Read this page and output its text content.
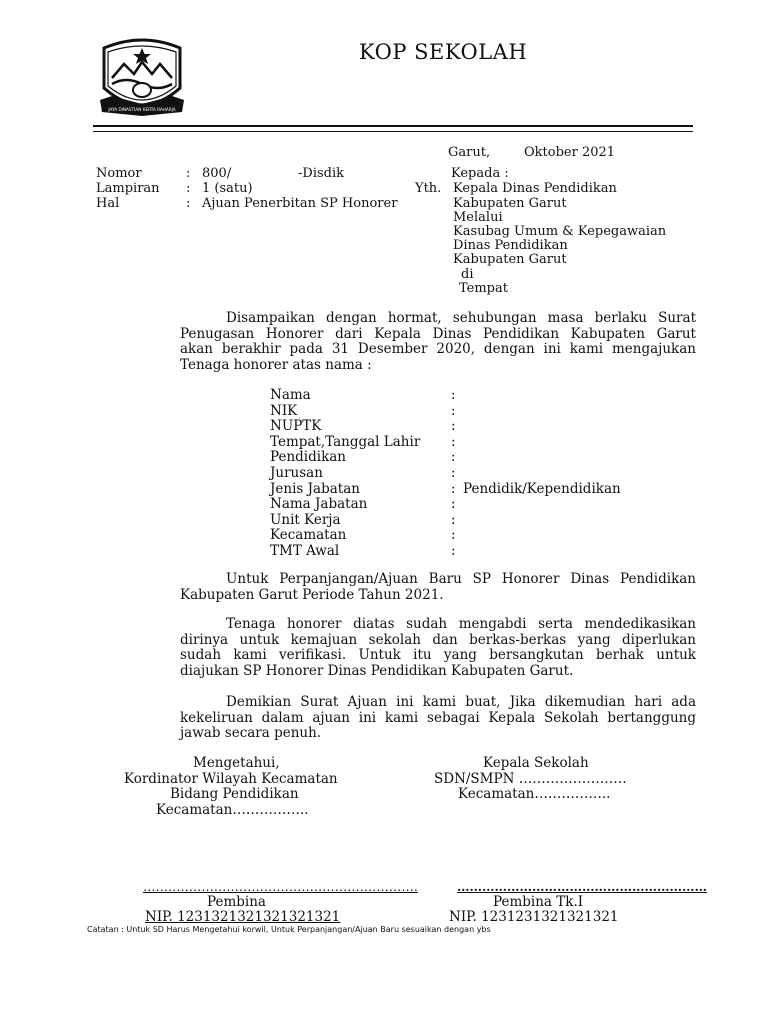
JAYA DINASTIAN KERTA RAHARJA
KOP SEKOLAH
Garut,	Oktober 2021
Nomor	: 800/	-Disdik
Lampiran : 1 (satu)
Hal	: Ajuan Penerbitan SP Honorer
Kepada :
Yth. Kepala Dinas Pendidikan
Kabupaten Garut
Melalui
Kasubag Umum & Kepegawaian
Dinas Pendidikan
Kabupaten Garut
di
Tempat
Disampaikan dengan hormat, sehubungan masa berlaku Surat
Penugasan Honorer dari Kepala Dinas Pendidikan Kabupaten Garut
akan berakhir pada 31 Desember 2020, dengan ini kami mengajukan
Tenaga honorer atas nama :
Nama	:
NIK	:
NUPTK	:
Tempat,Tanggal Lahir :
Pendidikan	:
Jurusan	:
Jenis Jabatan	: Pendidik/Kependidikan
Nama Jabatan	:
Unit Kerja	:
Kecamatan	:
TMT Awal	:
Untuk Perpanjangan/Ajuan Baru SP Honorer Dinas Pendidikan
Kabupaten Garut Periode Tahun 2021.
Tenaga honorer diatas sudah mengabdi serta mendedikasikan
dirinya untuk kemajuan sekolah dan berkas-berkas yang diperlukan
sudah kami verifikasi. Untuk itu yang bersangkutan berhak untuk
diajukan SP Honorer Dinas Pendidikan Kabupaten Garut.
Demikian Surat Ajuan ini kami buat, Jika dikemudian hari ada
kekeliruan dalam ajuan ini kami sebagai Kepala Sekolah bertanggung
jawab secara penuh.
Mengetahui,
Kordinator Wilayah Kecamatan
Bidang Pendidikan
Kecamatan……………..
…………………………………………………………
Pembina
NIP. 1231321321321321321
Kepala Sekolah
SDN/SMPN ……………………
Kecamatan……………..
……………………………………………………
Pembina Tk.I
NIP. 1231231321321321
Catatan : Untuk SD Harus Mengetahui korwil, Untuk Perpanjangan/Ajuan Baru sesuaikan dengan ybs
